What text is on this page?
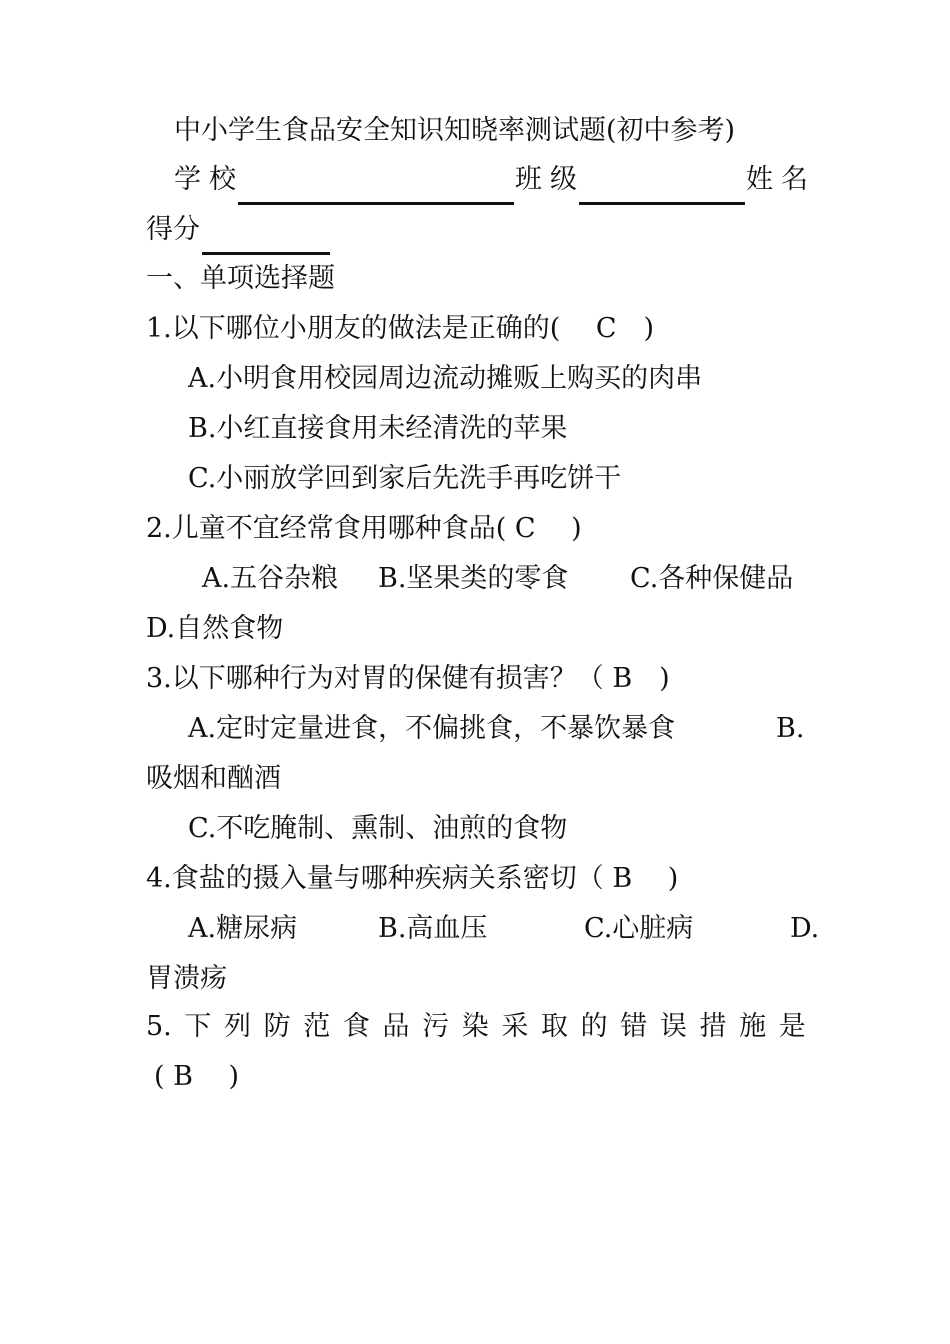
中小学生食品安全知识知晓率测试题(初中参考)
学校	班级	姓名
得分
一、单项选择题
1.以下哪位小朋友的做法是正确的(　 C　)
A.小明食用校园周边流动摊贩上购买的肉串
B.小红直接食用未经清洗的苹果
C.小丽放学回到家后先洗手再吃饼干
2.儿童不宜经常食用哪种食品( C　 )
A.五谷杂粮 B.坚果类的零食 C.各种保健品
D.自然食物
3.以下哪种行为对胃的保健有损害？（ B　)
A.定时定量进食，不偏挑食，不暴饮暴食	B.
吸烟和酗酒
C.不吃腌制、熏制、油煎的食物
4.食盐的摄入量与哪种疾病关系密切（ B　 )
A.糖尿病	B.高血压	C.心脏病	D.
胃溃疡
5. 下 列 防 范 食 品 污 染 采 取 的 错 误 措 施 是
( B　 )
